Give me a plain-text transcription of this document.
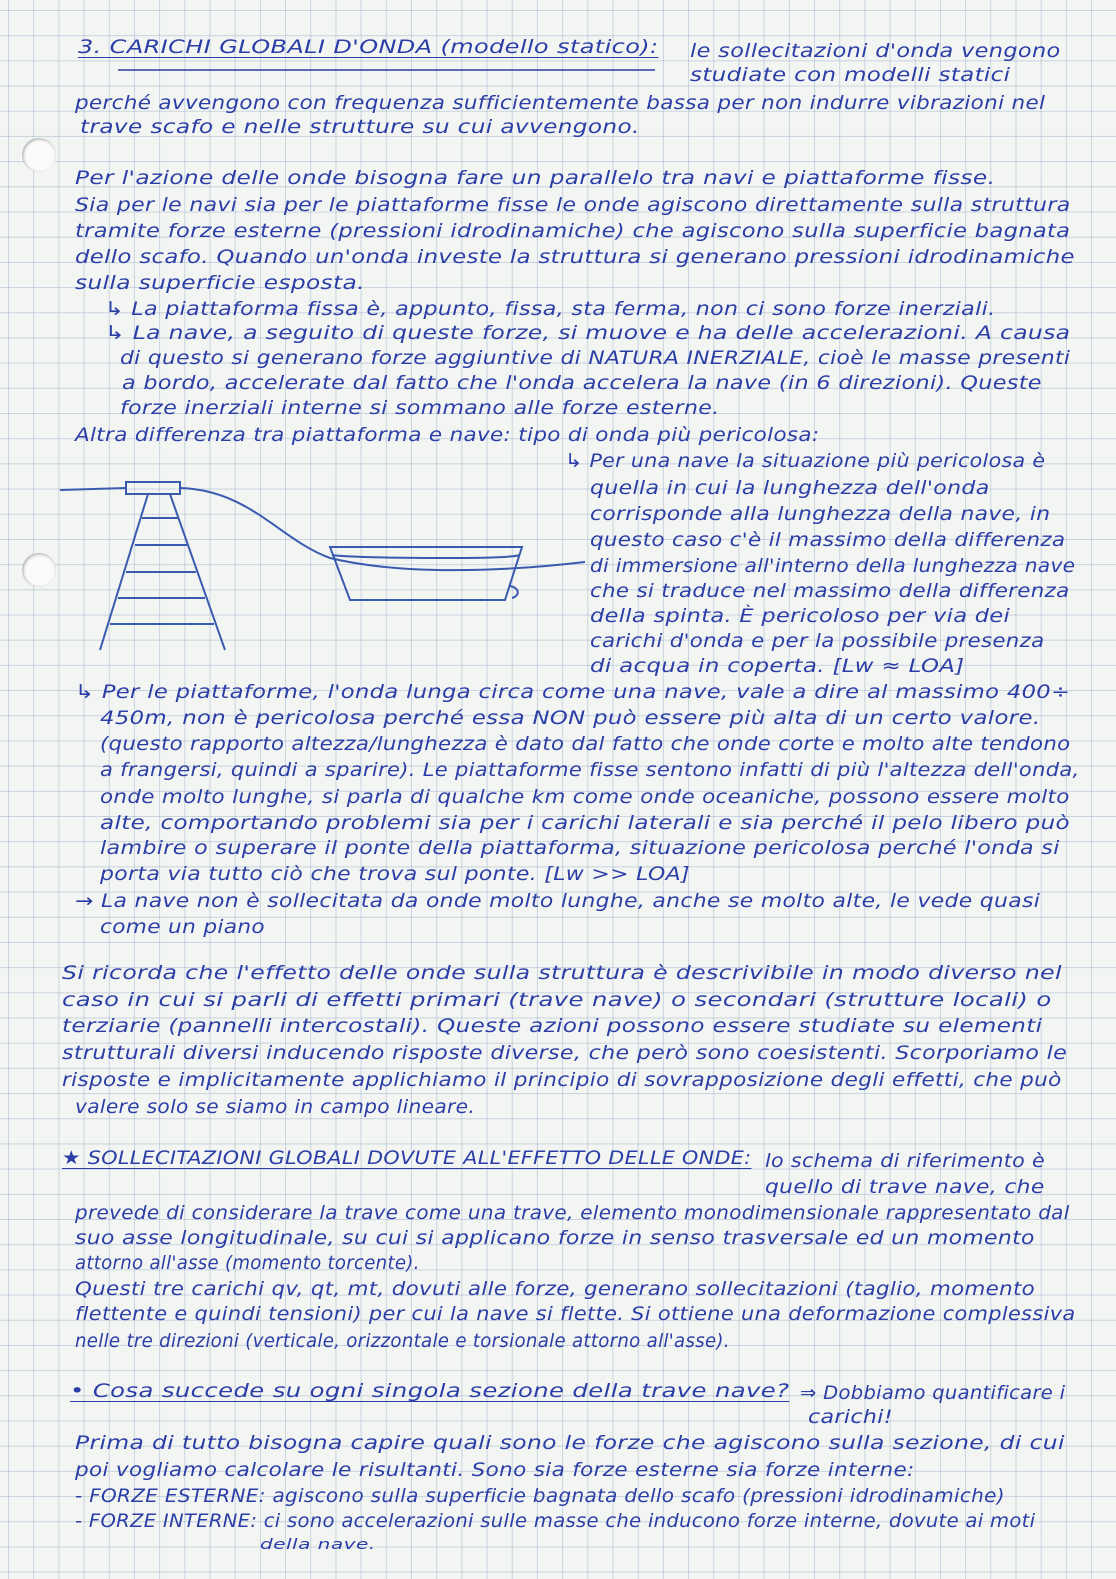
3. CARICHI GLOBALI D'ONDA (modello statico): le sollecitazioni d'onda vengono
studiate con modelli statici
perché avvengono con frequenza sufficientemente bassa per non indurre vibrazioni nel
trave scafo e nelle strutture su cui avvengono.
Per l'azione delle onde bisogna fare un parallelo tra navi e piattaforme fisse.
Sia per le navi sia per le piattaforme fisse le onde agiscono direttamente sulla struttura
tramite forze esterne (pressioni idrodinamiche) che agiscono sulla superficie bagnata
dello scafo. Quando un'onda investe la struttura si generano pressioni idrodinamiche
sulla superficie esposta.
↳ La piattaforma fissa è, appunto, fissa, sta ferma, non ci sono forze inerziali.
↳ La nave, a seguito di queste forze, si muove e ha delle accelerazioni. A causa
di questo si generano forze aggiuntive di NATURA INERZIALE, cioè le masse presenti
a bordo, accelerate dal fatto che l'onda accelera la nave (in 6 direzioni). Queste
forze inerziali interne si sommano alle forze esterne.
Altra differenza tra piattaforma e nave: tipo di onda più pericolosa:
↳ Per una nave la situazione più pericolosa è
quella in cui la lunghezza dell'onda
corrisponde alla lunghezza della nave, in
questo caso c'è il massimo della differenza
di immersione all'interno della lunghezza nave
che si traduce nel massimo della differenza
della spinta. È pericoloso per via dei
carichi d'onda e per la possibile presenza
di acqua in coperta. [Lw ≈ LOA]
↳ Per le piattaforme, l'onda lunga circa come una nave, vale a dire al massimo 400÷
450m, non è pericolosa perché essa NON può essere più alta di un certo valore.
(questo rapporto altezza/lunghezza è dato dal fatto che onde corte e molto alte tendono
a frangersi, quindi a sparire). Le piattaforme fisse sentono infatti di più l'altezza dell'onda,
onde molto lunghe, si parla di qualche km come onde oceaniche, possono essere molto
alte, comportando problemi sia per i carichi laterali e sia perché il pelo libero può
lambire o superare il ponte della piattaforma, situazione pericolosa perché l'onda si
porta via tutto ciò che trova sul ponte. [Lw >> LOA]
→ La nave non è sollecitata da onde molto lunghe, anche se molto alte, le vede quasi
come un piano
Si ricorda che l'effetto delle onde sulla struttura è descrivibile in modo diverso nel
caso in cui si parli di effetti primari (trave nave) o secondari (strutture locali) o
terziarie (pannelli intercostali). Queste azioni possono essere studiate su elementi
strutturali diversi inducendo risposte diverse, che però sono coesistenti. Scorporiamo le
risposte e implicitamente applichiamo il principio di sovrapposizione degli effetti, che può
valere solo se siamo in campo lineare.
★ SOLLECITAZIONI GLOBALI DOVUTE ALL'EFFETTO DELLE ONDE: lo schema di riferimento è
quello di trave nave, che
prevede di considerare la trave come una trave, elemento monodimensionale rappresentato dal
suo asse longitudinale, su cui si applicano forze in senso trasversale ed un momento
attorno all'asse (momento torcente).
Questi tre carichi qv, qt, mt, dovuti alle forze, generano sollecitazioni (taglio, momento
flettente e quindi tensioni) per cui la nave si flette. Si ottiene una deformazione complessiva
nelle tre direzioni (verticale, orizzontale e torsionale attorno all'asse).
• Cosa succede su ogni singola sezione della trave nave? ⇒ Dobbiamo quantificare i
carichi!
Prima di tutto bisogna capire quali sono le forze che agiscono sulla sezione, di cui
poi vogliamo calcolare le risultanti. Sono sia forze esterne sia forze interne:
- FORZE ESTERNE: agiscono sulla superficie bagnata dello scafo (pressioni idrodinamiche)
- FORZE INTERNE: ci sono accelerazioni sulle masse che inducono forze interne, dovute ai moti
della nave.
